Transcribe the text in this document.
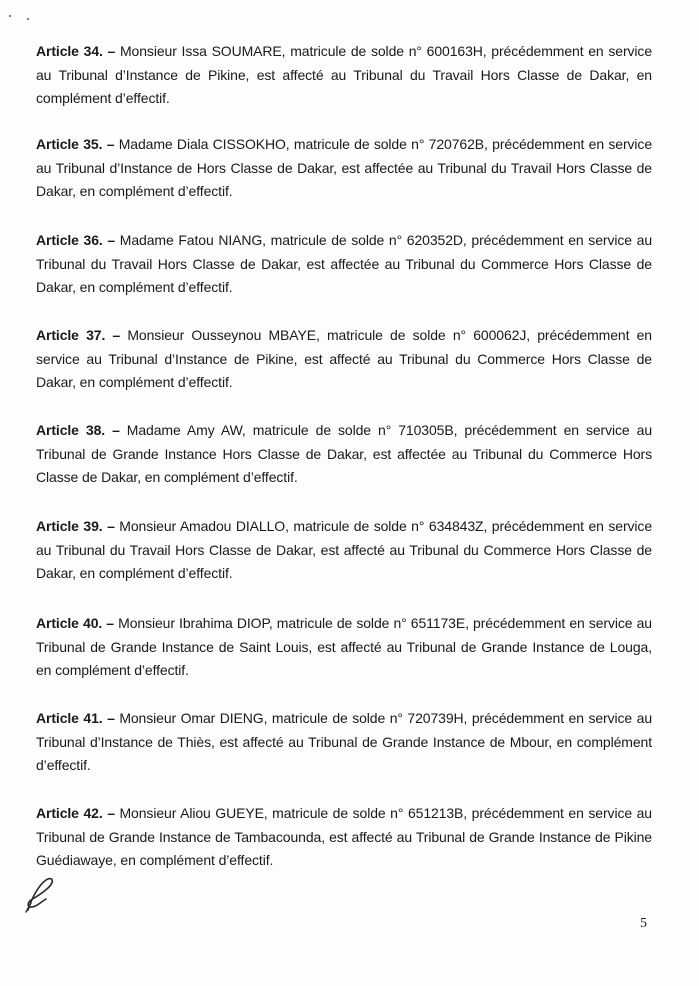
Article 34. – Monsieur Issa SOUMARE, matricule de solde n° 600163H, précédemment en service au Tribunal d’Instance de Pikine, est affecté au Tribunal du Travail Hors Classe de Dakar, en complément d’effectif.

Article 35. – Madame Diala CISSOKHO, matricule de solde n° 720762B, précédemment en service au Tribunal d’Instance de Hors Classe de Dakar, est affectée au Tribunal du Travail Hors Classe de Dakar, en complément d’effectif.

Article 36. – Madame Fatou NIANG, matricule de solde n° 620352D, précédemment en service au Tribunal du Travail Hors Classe de Dakar, est affectée au Tribunal du Commerce Hors Classe de Dakar, en complément d’effectif.

Article 37. – Monsieur Ousseynou MBAYE, matricule de solde n° 600062J, précédemment en service au Tribunal d’Instance de Pikine, est affecté au Tribunal du Commerce Hors Classe de Dakar, en complément d’effectif.

Article 38. – Madame Amy AW, matricule de solde n° 710305B, précédemment en service au Tribunal de Grande Instance Hors Classe de Dakar, est affectée au Tribunal du Commerce Hors Classe de Dakar, en complément d’effectif.

Article 39. – Monsieur Amadou DIALLO, matricule de solde n° 634843Z, précédemment en service au Tribunal du Travail Hors Classe de Dakar, est affecté au Tribunal du Commerce Hors Classe de Dakar, en complément d’effectif.

Article 40. – Monsieur Ibrahima DIOP, matricule de solde n° 651173E, précédemment en service au Tribunal de Grande Instance de Saint Louis, est affecté au Tribunal de Grande Instance de Louga, en complément d’effectif.

Article 41. – Monsieur Omar DIENG, matricule de solde n° 720739H, précédemment en service au Tribunal d’Instance de Thiès, est affecté au Tribunal de Grande Instance de Mbour, en complément d’effectif.

Article 42. – Monsieur Aliou GUEYE, matricule de solde n° 651213B, précédemment en service au Tribunal de Grande Instance de Tambacounda, est affecté au Tribunal de Grande Instance de Pikine Guédiawaye, en complément d’effectif.

5
